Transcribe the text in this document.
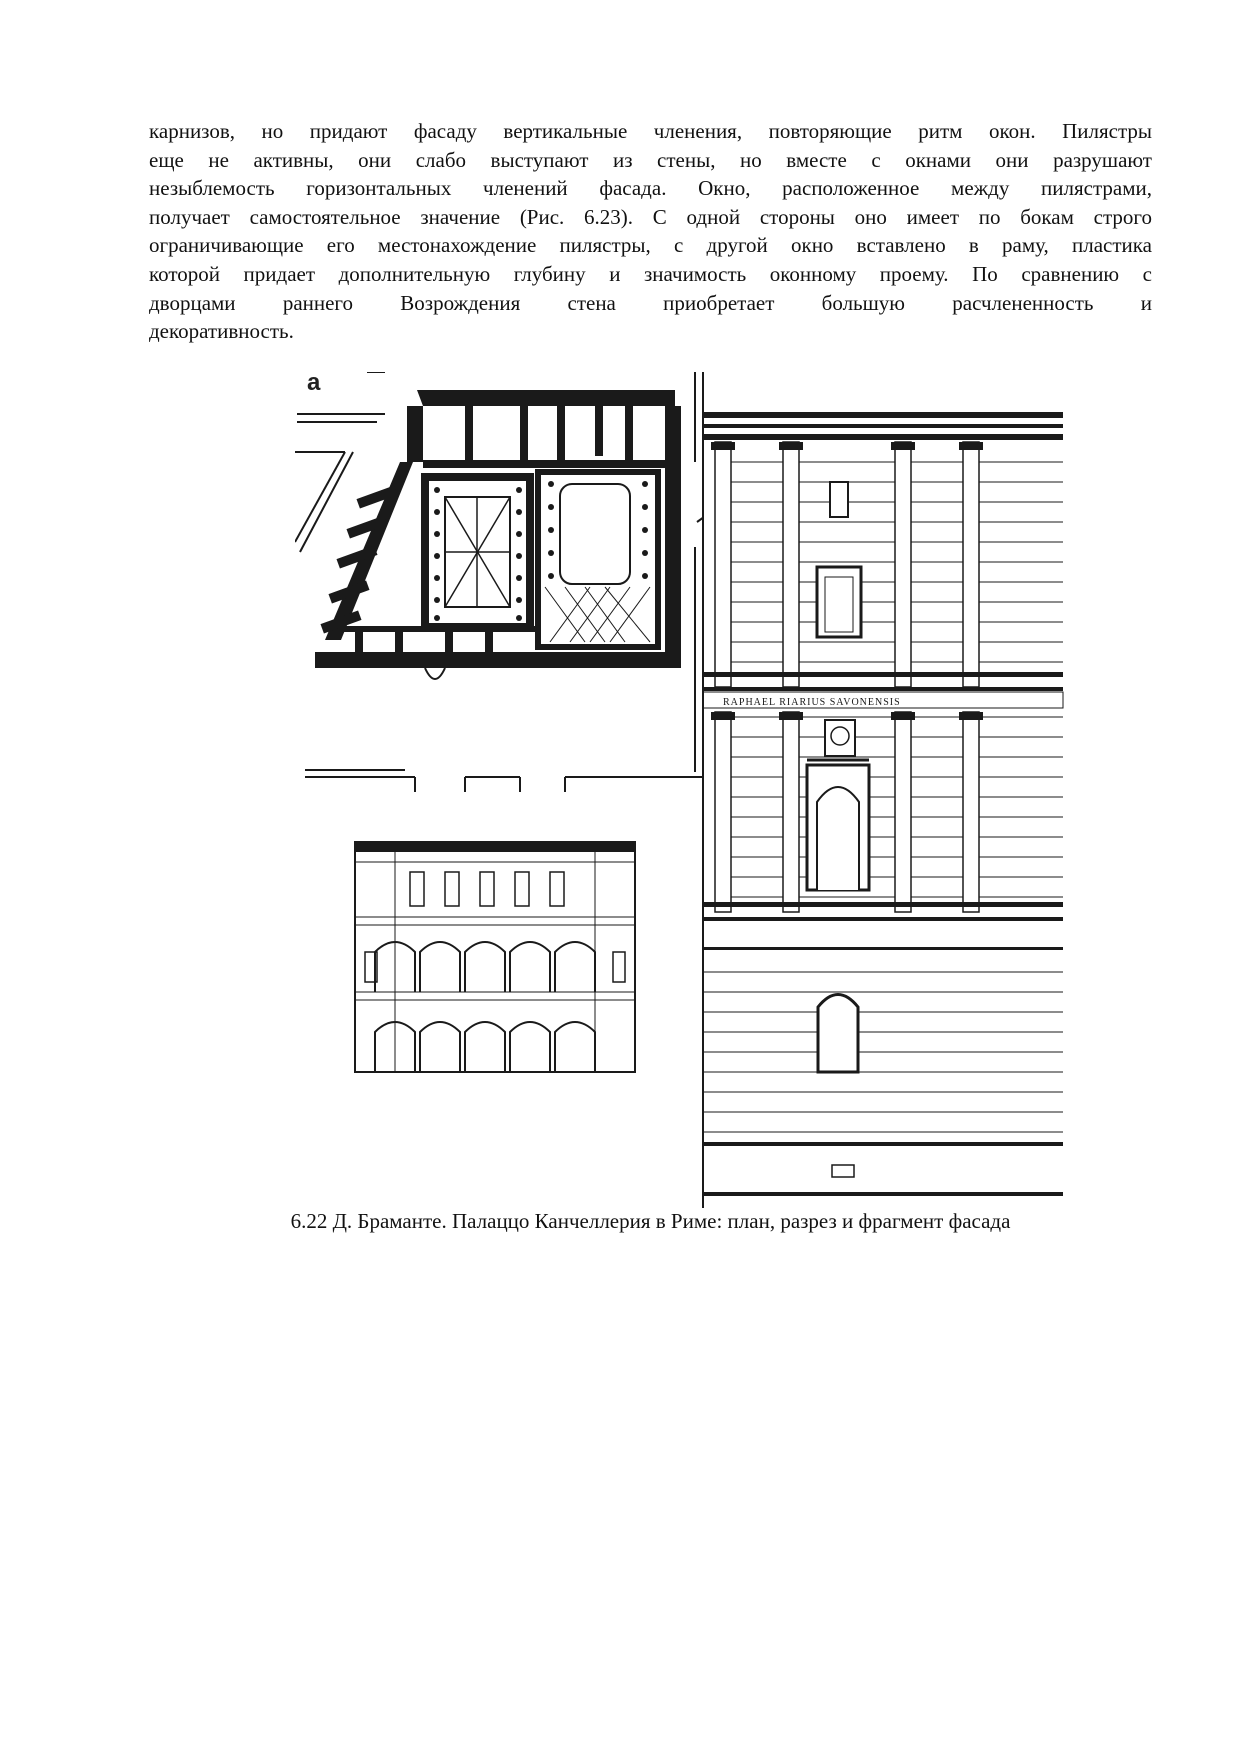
карнизов, но придают фасаду вертикальные членения, повторяющие ритм окон. Пилястры
еще не активны, они слабо выступают из стены, но вместе с окнами они разрушают
незыблемость горизонтальных членений фасада. Окно, расположенное между пилястрами,
получает самостоятельное значение (Рис. 6.23). С одной стороны оно имеет по бокам строго
ограничивающие его местонахождение пилястры, с другой окно вставлено в раму, пластика
которой придает дополнительную глубину и значимость оконному проему. По сравнению с
дворцами раннего Возрождения стена приобретает большую расчлененность и
декоративность.
а
RAPHAEL RIARIUS SAVONENSIS
6.22 Д. Браманте. Палаццо Канчеллерия в Риме: план, разрез и фрагмент фасада
